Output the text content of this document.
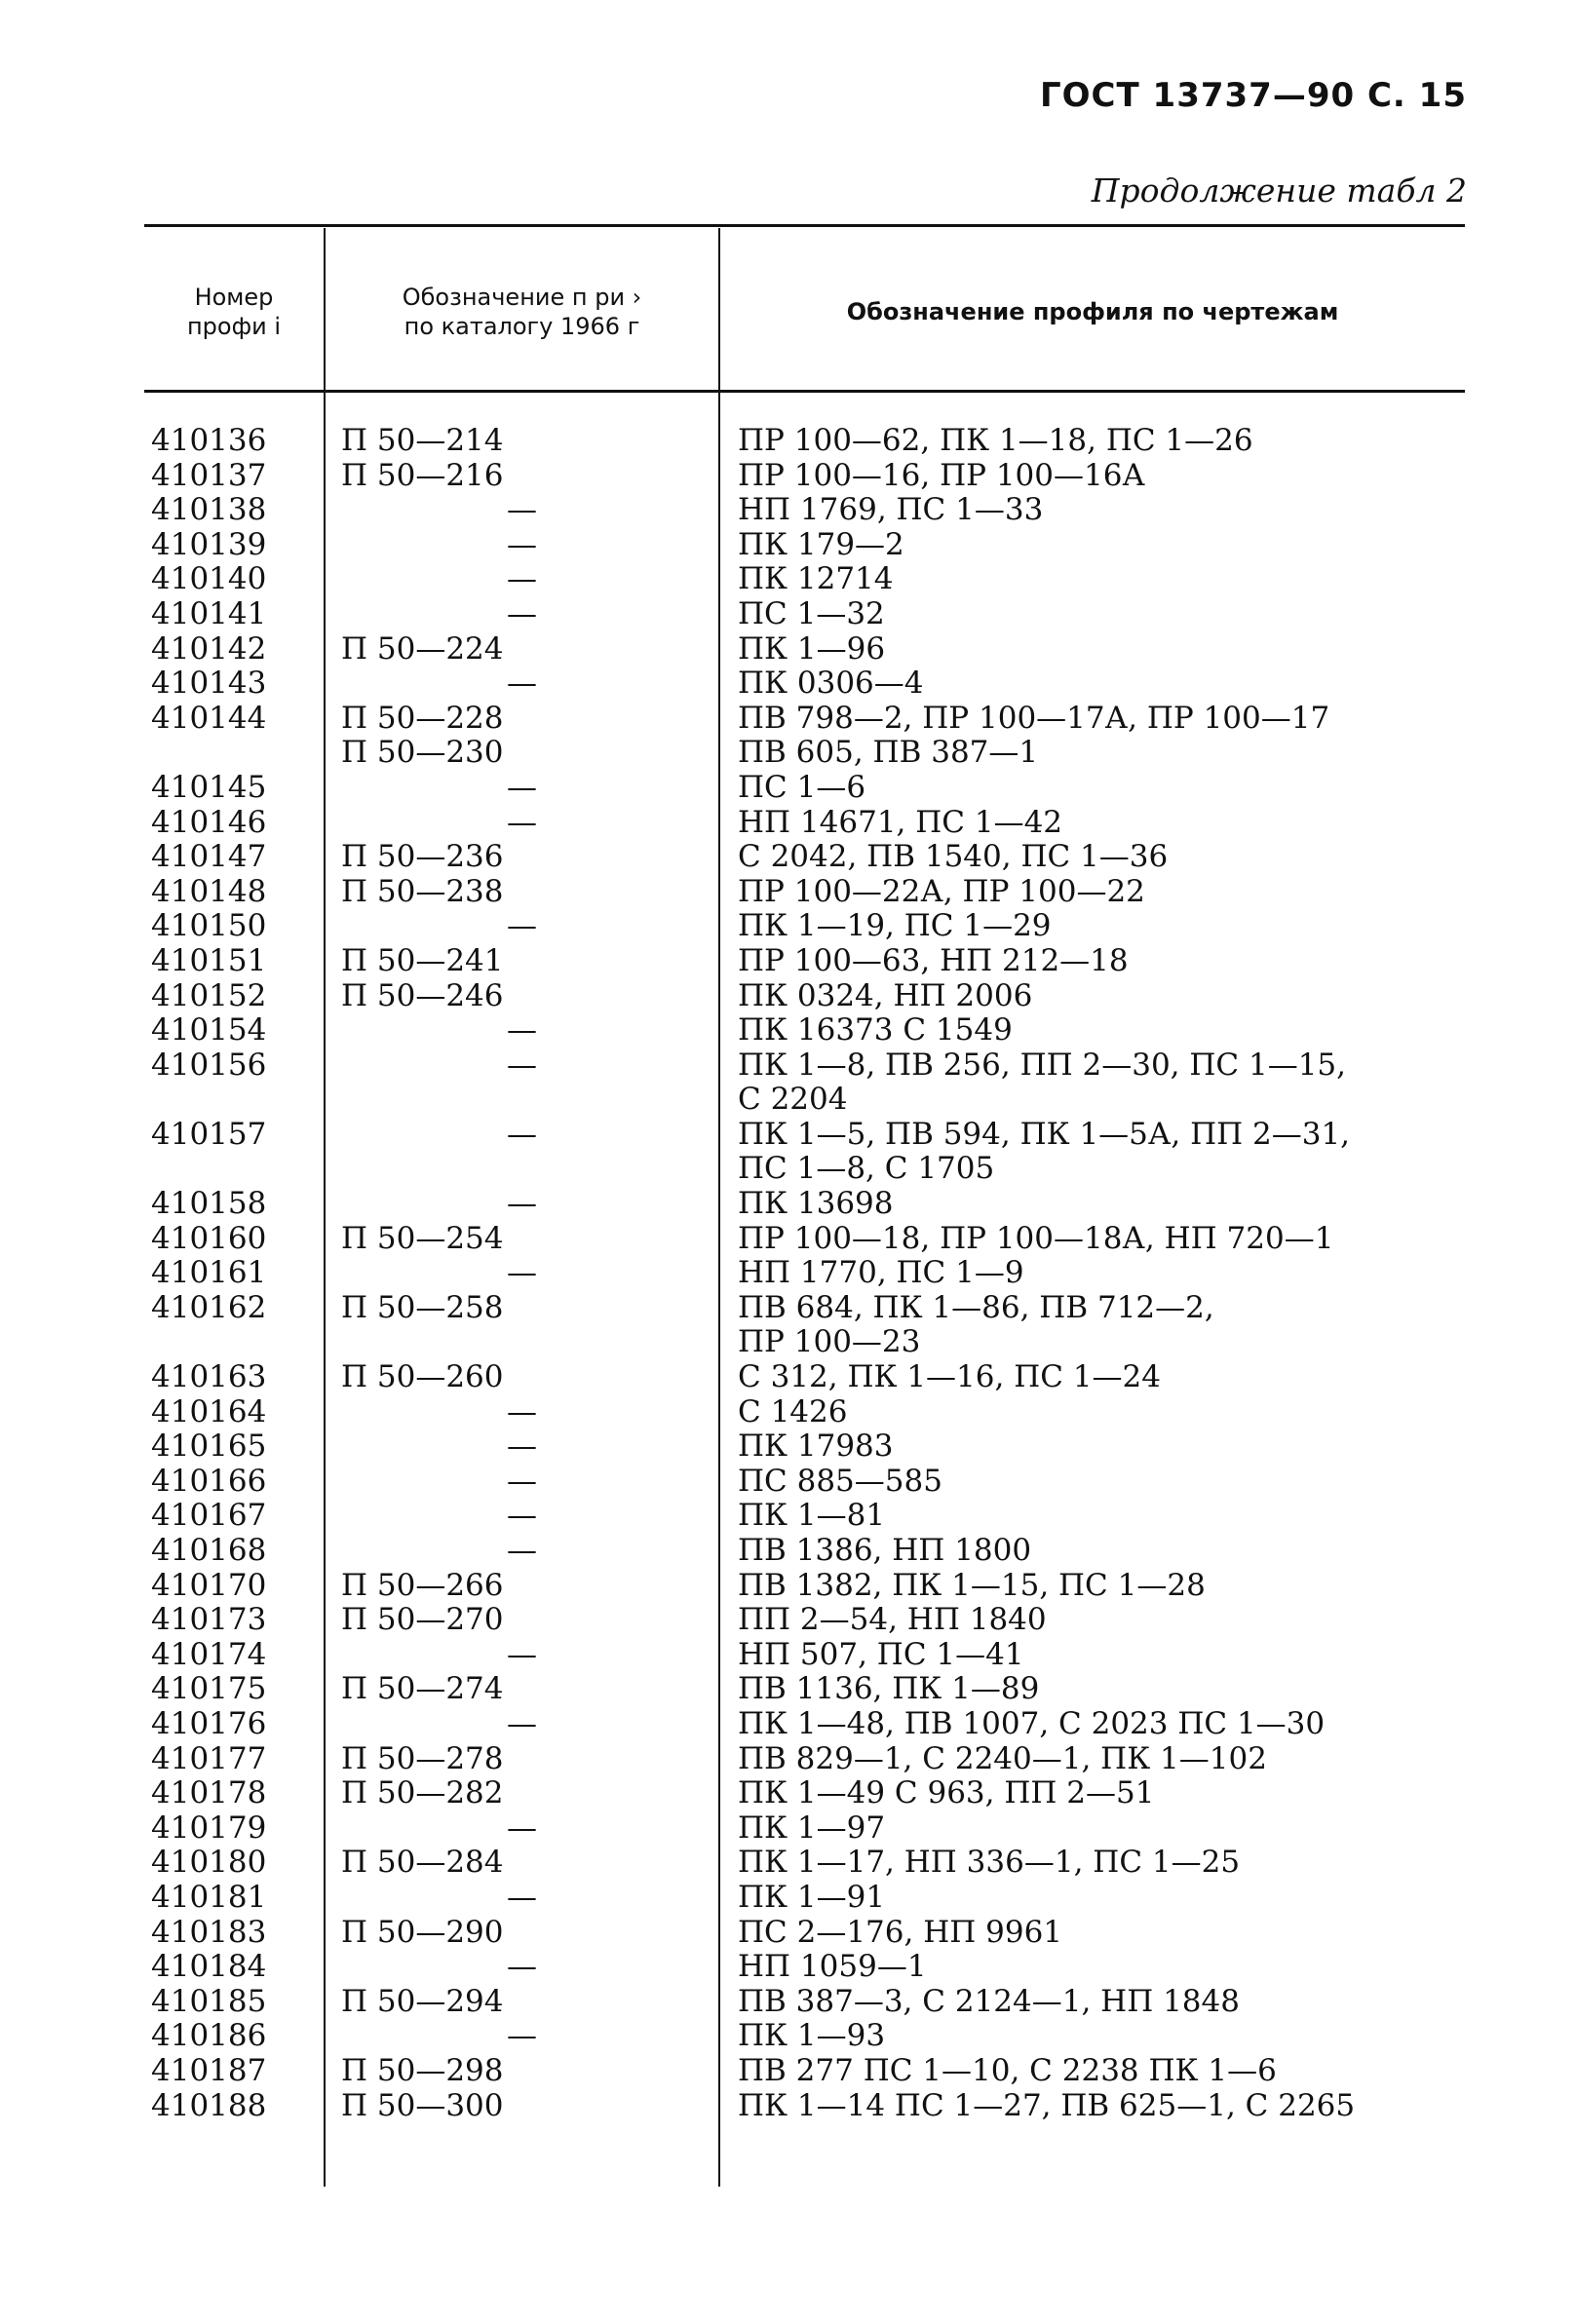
ГОСТ 13737—90 С. 15
Продолжение табл 2
Номер
профи і
Обозначение п ри ›
по каталогу 1966 г
Обозначение профиля по чертежам
410136 П 50—214	ПР 100—62, ПК 1—18, ПС 1—26
410137 П 50—216	ПР 100—16, ПР 100—16А
410138	—	НП 1769, ПС 1—33
410139	—	ПК 179—2
410140	—	ПК 12714
410141	—	ПС 1—32
410142 П 50—224	ПК 1—96
410143	—	ПК 0306—4
410144 П 50—228	ПВ 798—2, ПР 100—17А, ПР 100—17
П 50—230	ПВ 605, ПВ 387—1
410145	—	ПС 1—6
410146	—	НП 14671, ПС 1—42
410147 П 50—236	С 2042, ПВ 1540, ПС 1—36
410148 П 50—238	ПР 100—22А, ПР 100—22
410150	—	ПК 1—19, ПС 1—29
410151 П 50—241	ПР 100—63, НП 212—18
410152 П 50—246	ПК 0324, НП 2006
410154	—	ПК 16373 С 1549
410156	—	ПК 1—8, ПВ 256, ПП 2—30, ПС 1—15,
С 2204
410157	—	ПК 1—5, ПВ 594, ПК 1—5А, ПП 2—31,
ПС 1—8, С 1705
410158	—	ПК 13698
410160 П 50—254	ПР 100—18, ПР 100—18А, НП 720—1
410161	—	НП 1770, ПС 1—9
410162 П 50—258	ПВ 684, ПК 1—86, ПВ 712—2,
ПР 100—23
410163 П 50—260	С 312, ПК 1—16, ПС 1—24
410164	—	С 1426
410165	—	ПК 17983
410166	—	ПС 885—585
410167	—	ПК 1—81
410168	—	ПВ 1386, НП 1800
410170 П 50—266	ПВ 1382, ПК 1—15, ПС 1—28
410173 П 50—270	ПП 2—54, НП 1840
410174	—	НП 507, ПС 1—41
410175 П 50—274	ПВ 1136, ПК 1—89
410176	—	ПК 1—48, ПВ 1007, С 2023 ПС 1—30
410177 П 50—278	ПВ 829—1, С 2240—1, ПК 1—102
410178 П 50—282	ПК 1—49 С 963, ПП 2—51
410179	—	ПК 1—97
410180 П 50—284	ПК 1—17, НП 336—1, ПС 1—25
410181	—	ПК 1—91
410183 П 50—290	ПС 2—176, НП 9961
410184	—	НП 1059—1
410185 П 50—294	ПВ 387—3, С 2124—1, НП 1848
410186	—	ПК 1—93
410187 П 50—298	ПВ 277 ПС 1—10, С 2238 ПК 1—6
410188 П 50—300	ПК 1—14 ПС 1—27, ПВ 625—1, С 2265
